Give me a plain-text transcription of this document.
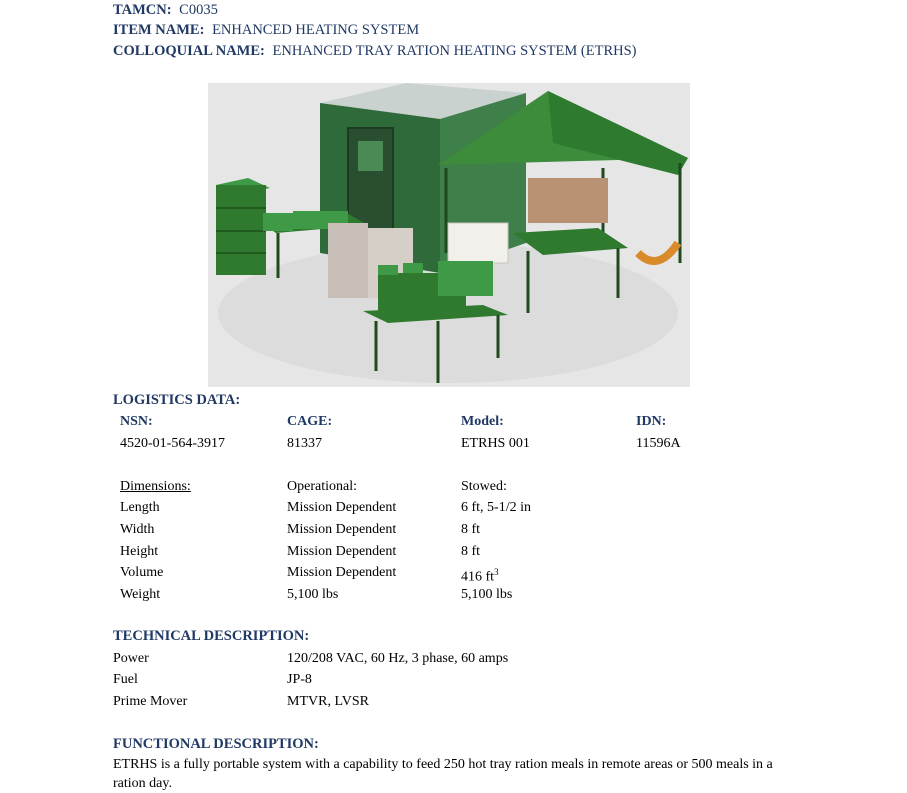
TAMCN: C0035
ITEM NAME: ENHANCED HEATING SYSTEM
COLLOQUIAL NAME: ENHANCED TRAY RATION HEATING SYSTEM (ETRHS)
LOGISTICS DATA:
NSN:	CAGE:	Model:	IDN:
4520-01-564-3917	81337	ETRHS 001	11596A
Dimensions:	Operational:	Stowed:
Length	Mission Dependent	6 ft, 5-1/2 in
Width	Mission Dependent	8 ft
Height	Mission Dependent	8 ft
Volume	Mission Dependent	416 $ft^3$
Weight	5,100 lbs	5,100 lbs
TECHNICAL DESCRIPTION:
Power	120/208 VAC, 60 Hz, 3 phase, 60 amps
Fuel	JP-8
Prime Mover	MTVR, LVSR
FUNCTIONAL DESCRIPTION:
ETRHS is a fully portable system with a capability to feed 250 hot tray ration meals in remote areas or 500 meals in a ration day.
